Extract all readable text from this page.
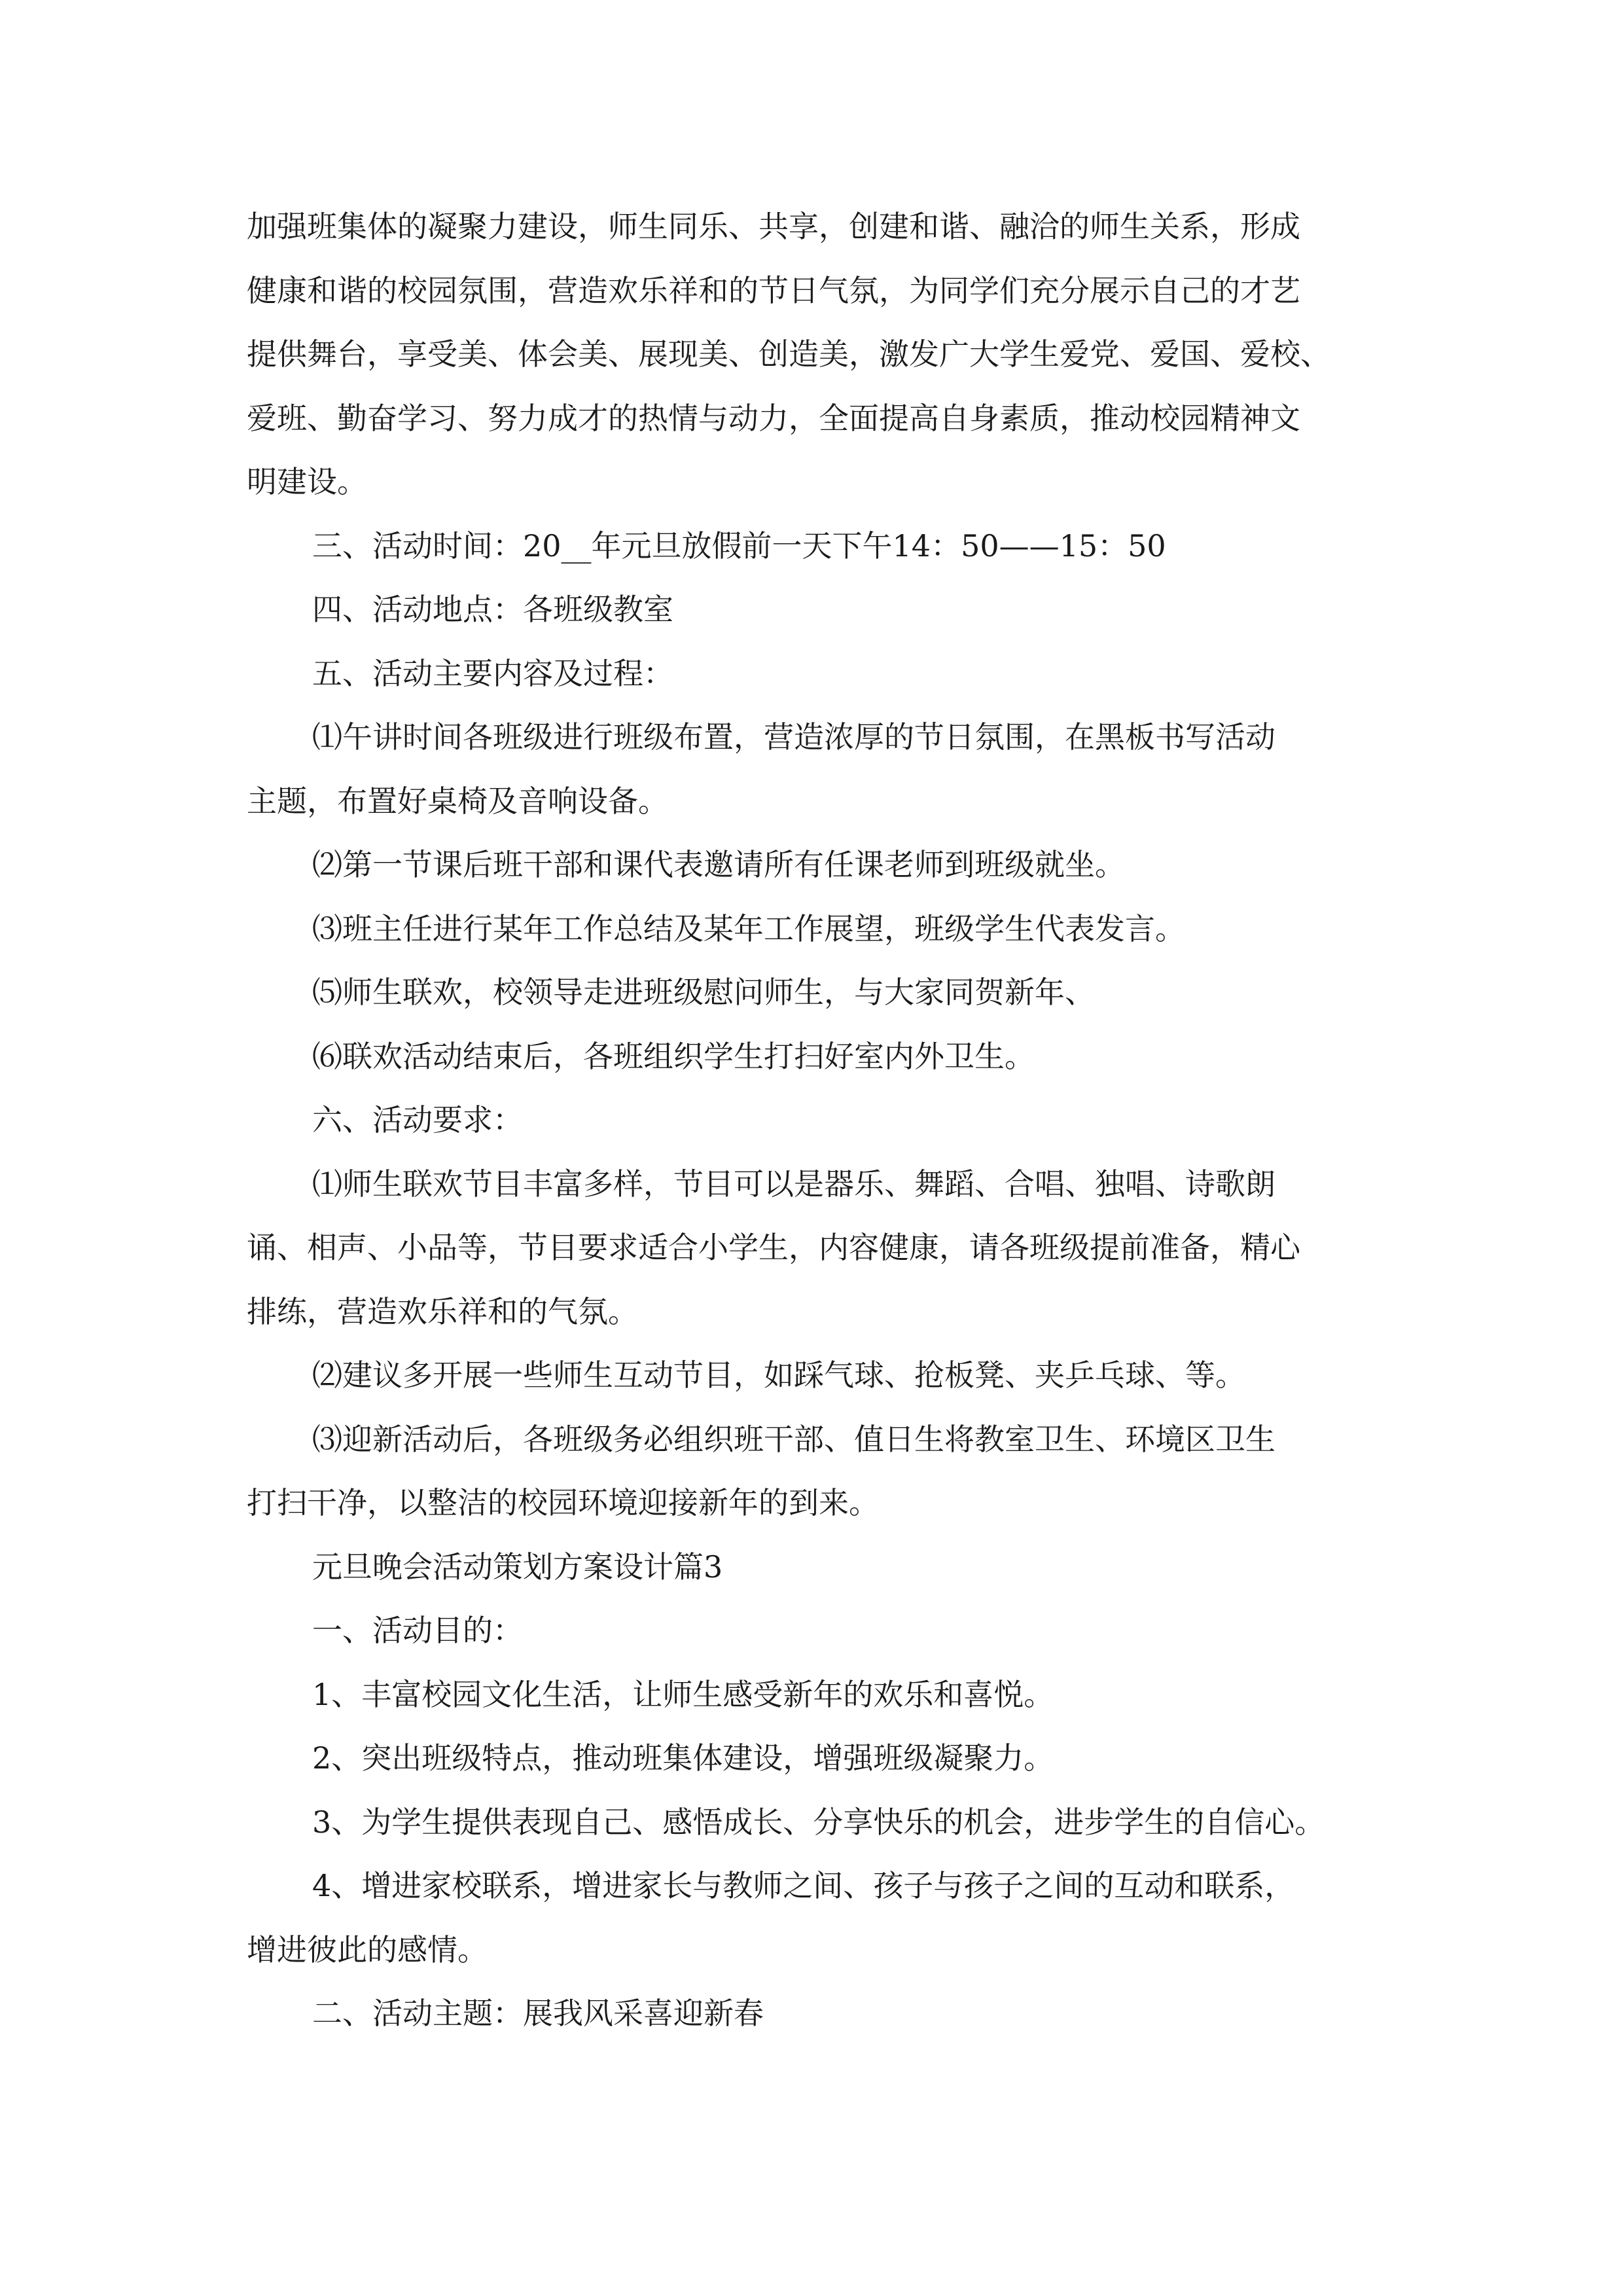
加强班集体的凝聚力建设，师生同乐、共享，创建和谐、融洽的师生关系，形成

健康和谐的校园氛围，营造欢乐祥和的节日气氛，为同学们充分展示自己的才艺

提供舞台，享受美、体会美、展现美、创造美，激发广大学生爱党、爱国、爱校、

爱班、勤奋学习、努力成才的热情与动力，全面提高自身素质，推动校园精神文

明建设。

三、活动时间：20__年元旦放假前一天下午14：50——15：50

四、活动地点：各班级教室

五、活动主要内容及过程：

⑴午讲时间各班级进行班级布置，营造浓厚的节日氛围，在黑板书写活动

主题，布置好桌椅及音响设备。

⑵第一节课后班干部和课代表邀请所有任课老师到班级就坐。

⑶班主任进行某年工作总结及某年工作展望，班级学生代表发言。

⑸师生联欢，校领导走进班级慰问师生，与大家同贺新年、

⑹联欢活动结束后，各班组织学生打扫好室内外卫生。

六、活动要求：

⑴师生联欢节目丰富多样，节目可以是器乐、舞蹈、合唱、独唱、诗歌朗

诵、相声、小品等，节目要求适合小学生，内容健康，请各班级提前准备，精心

排练，营造欢乐祥和的气氛。

⑵建议多开展一些师生互动节目，如踩气球、抢板凳、夹乒乓球、等。

⑶迎新活动后，各班级务必组织班干部、值日生将教室卫生、环境区卫生

打扫干净，以整洁的校园环境迎接新年的到来。

元旦晚会活动策划方案设计篇3

一、活动目的：

1、丰富校园文化生活，让师生感受新年的欢乐和喜悦。

2、突出班级特点，推动班集体建设，增强班级凝聚力。

3、为学生提供表现自己、感悟成长、分享快乐的机会，进步学生的自信心。

4、增进家校联系，增进家长与教师之间、孩子与孩子之间的互动和联系，

增进彼此的感情。

二、活动主题：展我风采喜迎新春
